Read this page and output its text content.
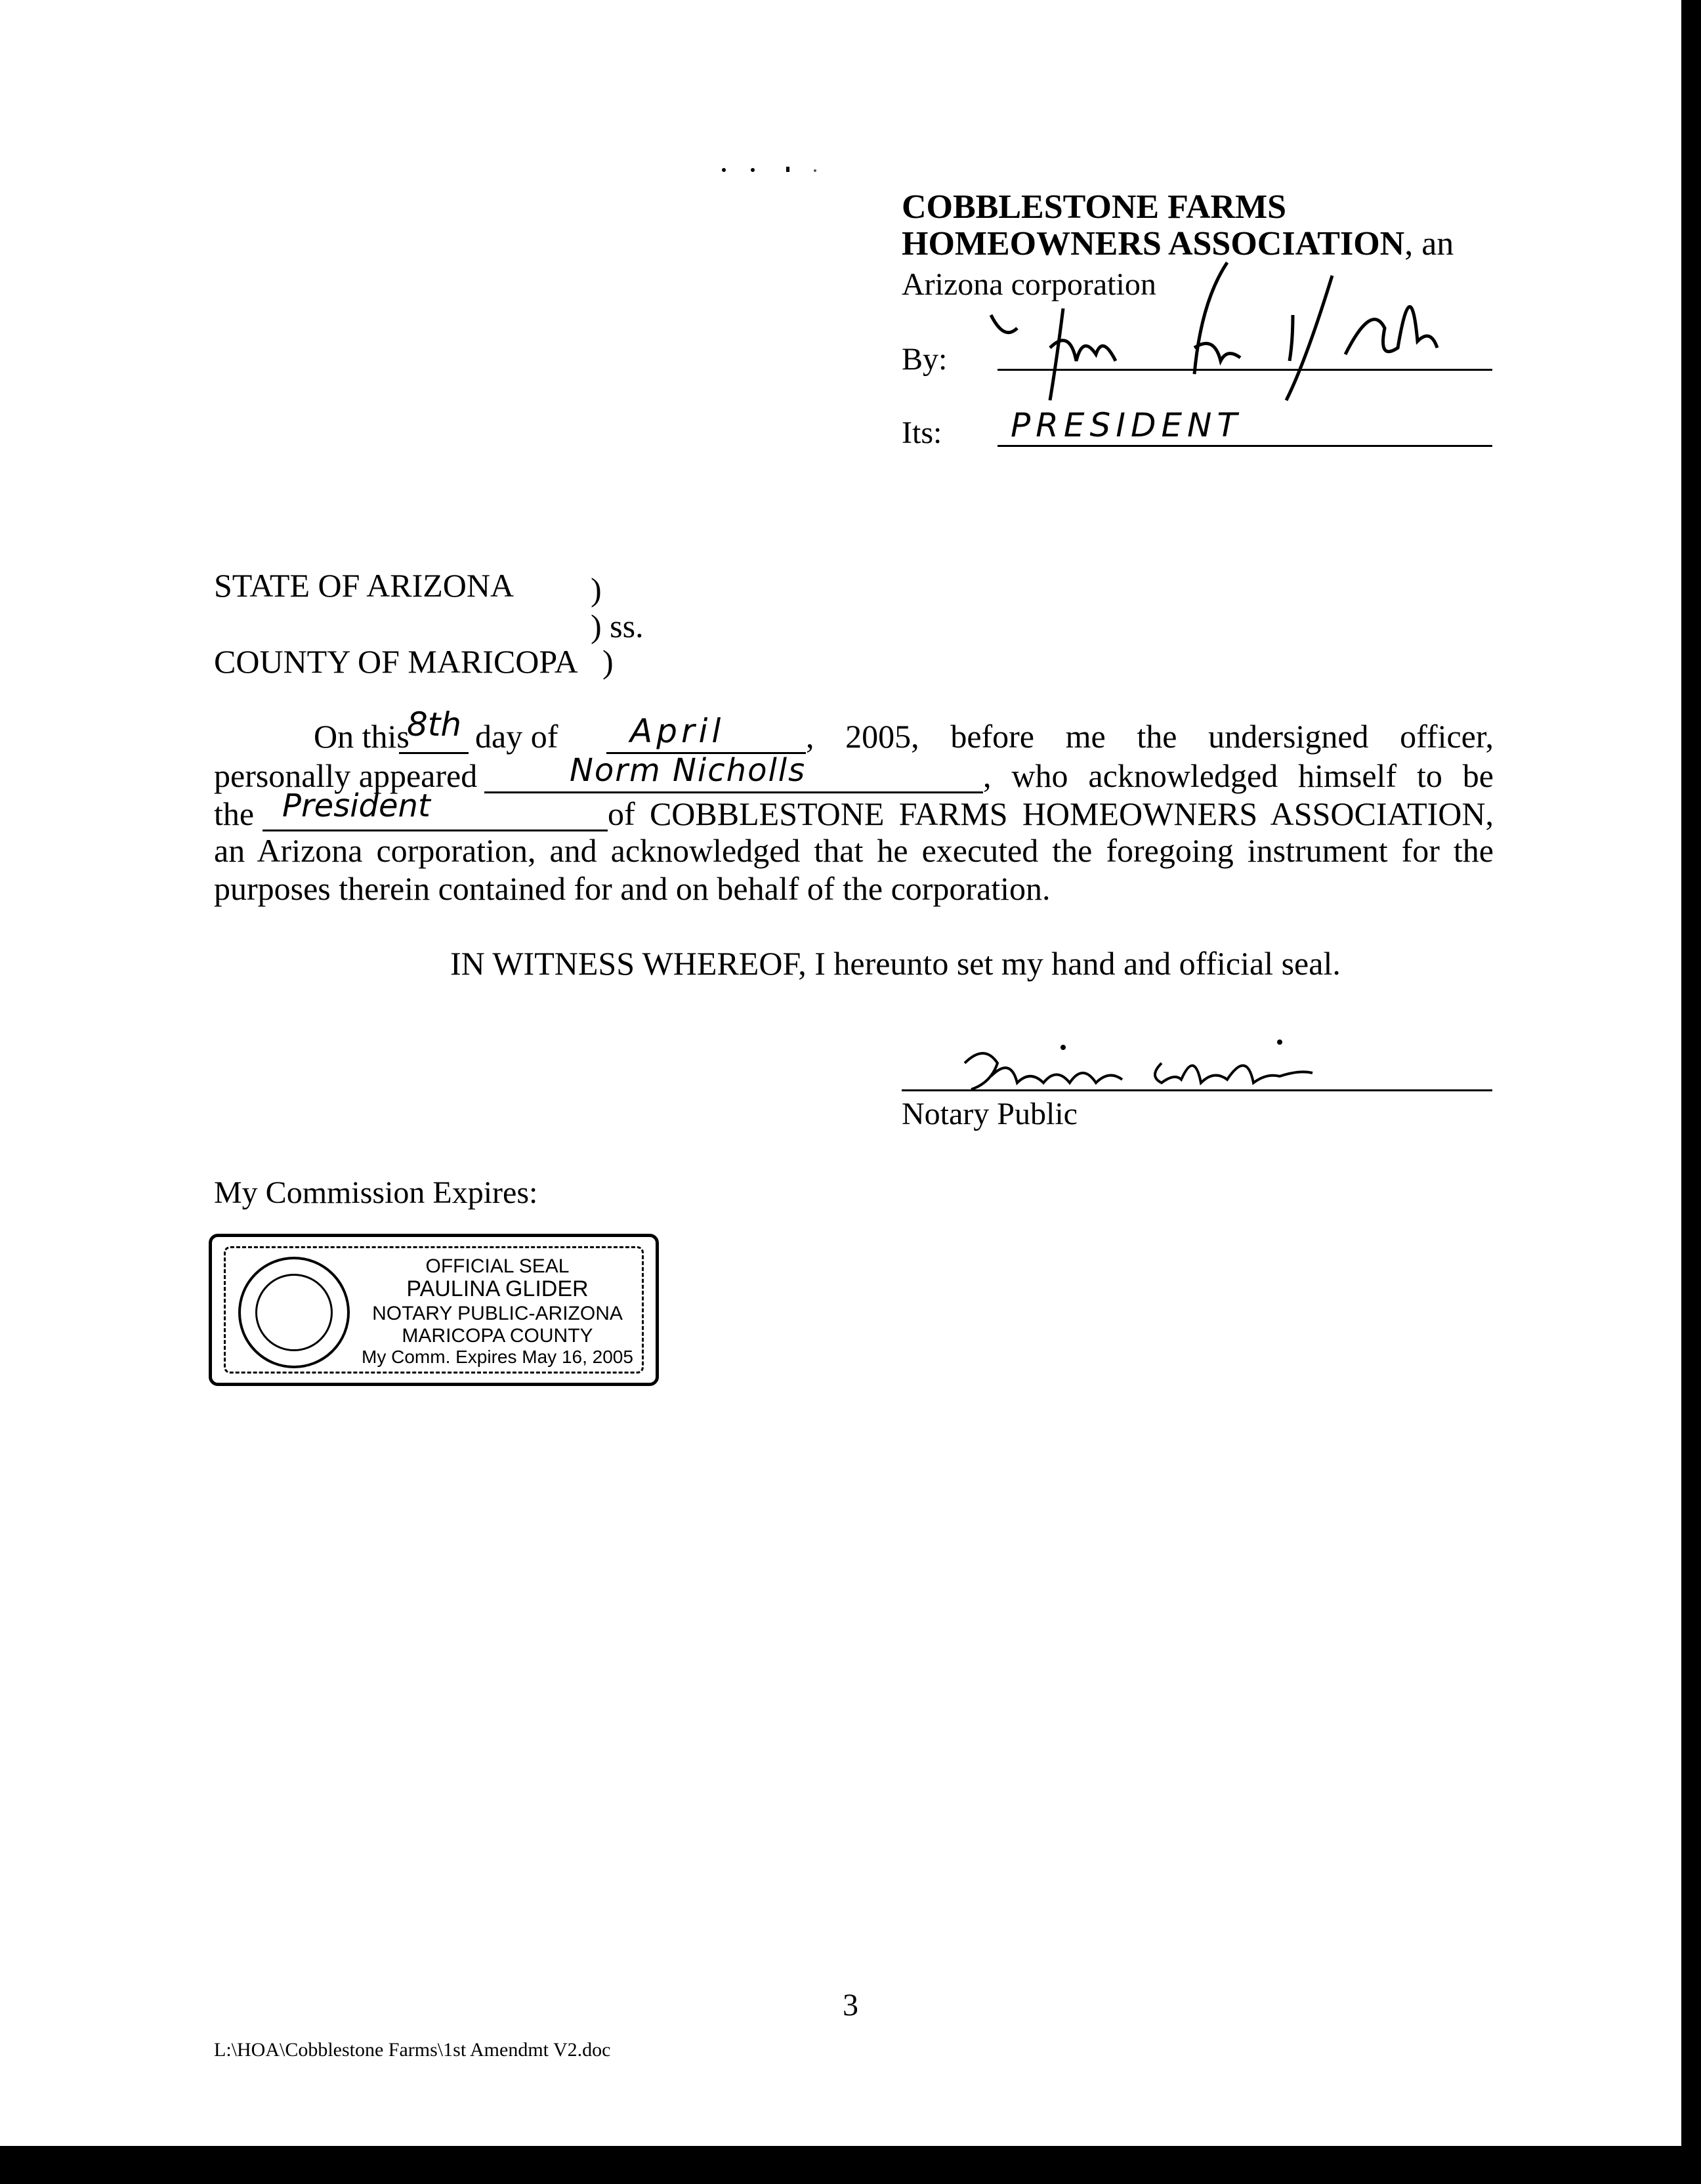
COBBLESTONE FARMS
HOMEOWNERS ASSOCIATION, an
Arizona corporation
By:
Its: PRESIDENT
STATE OF ARIZONA )
) ss.
COUNTY OF MARICOPA )
On this
8th day of April , 2005, before me the undersigned officer,
personally appeared	Norm Nicholls	, who acknowledged himself to be
the President	of COBBLESTONE FARMS HOMEOWNERS ASSOCIATION,
an Arizona corporation, and acknowledged that he executed the foregoing instrument for the
purposes therein contained for and on behalf of the corporation.
IN WITNESS WHEREOF, I hereunto set my hand and official seal.
Notary Public
My Commission Expires:
OFFICIAL SEAL
PAULINA GLIDER
NOTARY PUBLIC-ARIZONA
MARICOPA COUNTY
My Comm. Expires May 16, 2005
3
L:\HOA\Cobblestone Farms\1st Amendmt V2.doc
